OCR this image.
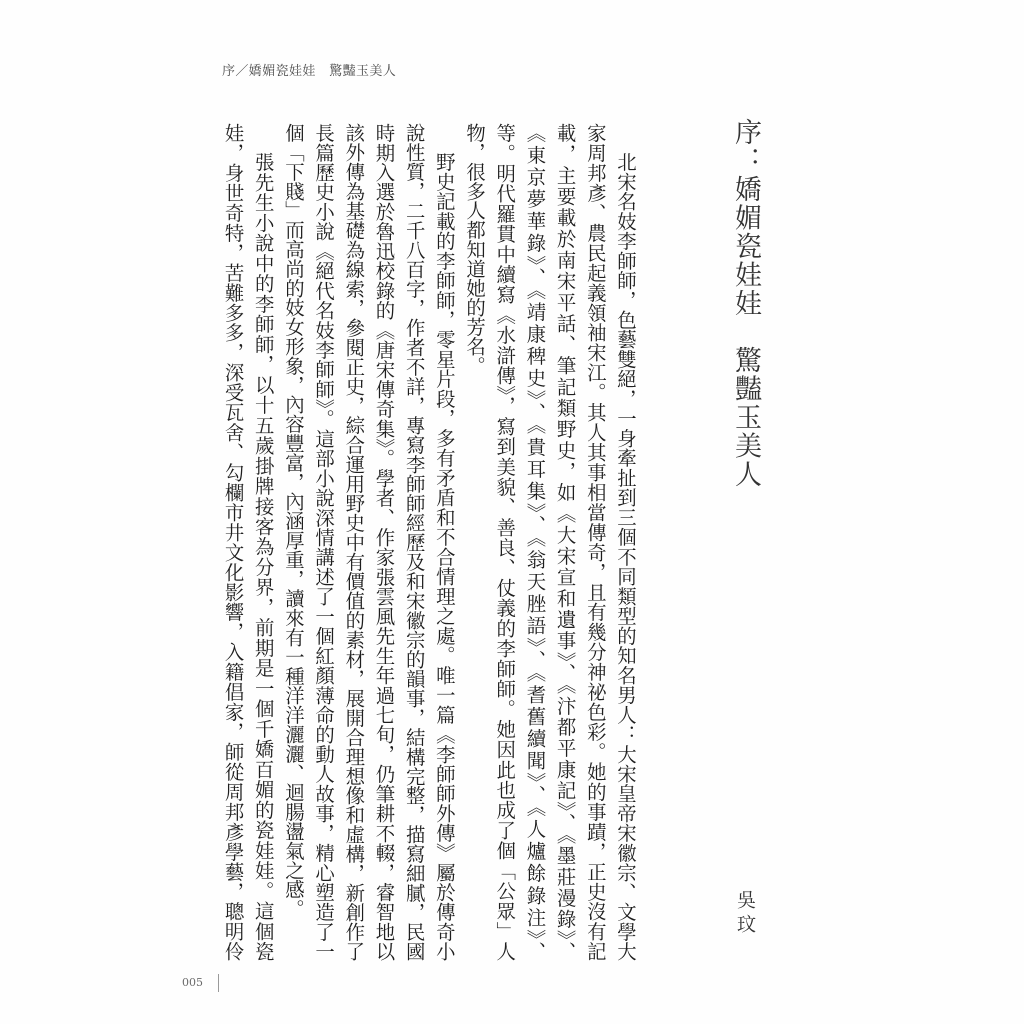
序／嬌媚瓷娃娃　驚豔玉美人
序：嬌媚瓷娃娃　驚豔玉美人
吳玟
北宋名妓李師師，色藝雙絕，一身牽扯到三個不同類型的知名男人：大宋皇帝宋徽宗、文學大
家周邦彥、農民起義領袖宋江。其人其事相當傳奇，且有幾分神祕色彩。她的事蹟，正史沒有記
載，主要載於南宋平話、筆記類野史，如《大宋宣和遺事》、《汴都平康記》、《墨莊漫錄》、
《東京夢華錄》、《靖康稗史》、《貴耳集》、《翁天脞語》、《耆舊續聞》、《人爐餘錄注》、
等。明代羅貫中續寫《水滸傳》，寫到美貌、善良、仗義的李師師。她因此也成了個「公眾」人
物，很多人都知道她的芳名。
野史記載的李師師，零星片段，多有矛盾和不合情理之處。唯一篇《李師師外傳》屬於傳奇小
說性質，二千八百字，作者不詳，專寫李師師經歷及和宋徽宗的韻事，結構完整，描寫細膩，民國
時期入選於魯迅校錄的《唐宋傳奇集》。學者、作家張雲風先生年過七旬，仍筆耕不輟，睿智地以
該外傳為基礎為線索，參閱正史，綜合運用野史中有價值的素材，展開合理想像和虛構，新創作了
長篇歷史小說《絕代名妓李師師》。這部小說深情講述了一個紅顏薄命的動人故事，精心塑造了一
個「下賤」而高尚的妓女形象，內容豐富，內涵厚重，讀來有一種洋洋灑灑、迴腸盪氣之感。
張先生小說中的李師師，以十五歲掛牌接客為分界，前期是一個千嬌百媚的瓷娃娃。這個瓷
娃，身世奇特，苦難多多，深受瓦舍、勾欄市井文化影響，入籍倡家，師從周邦彥學藝，聰明伶
005
